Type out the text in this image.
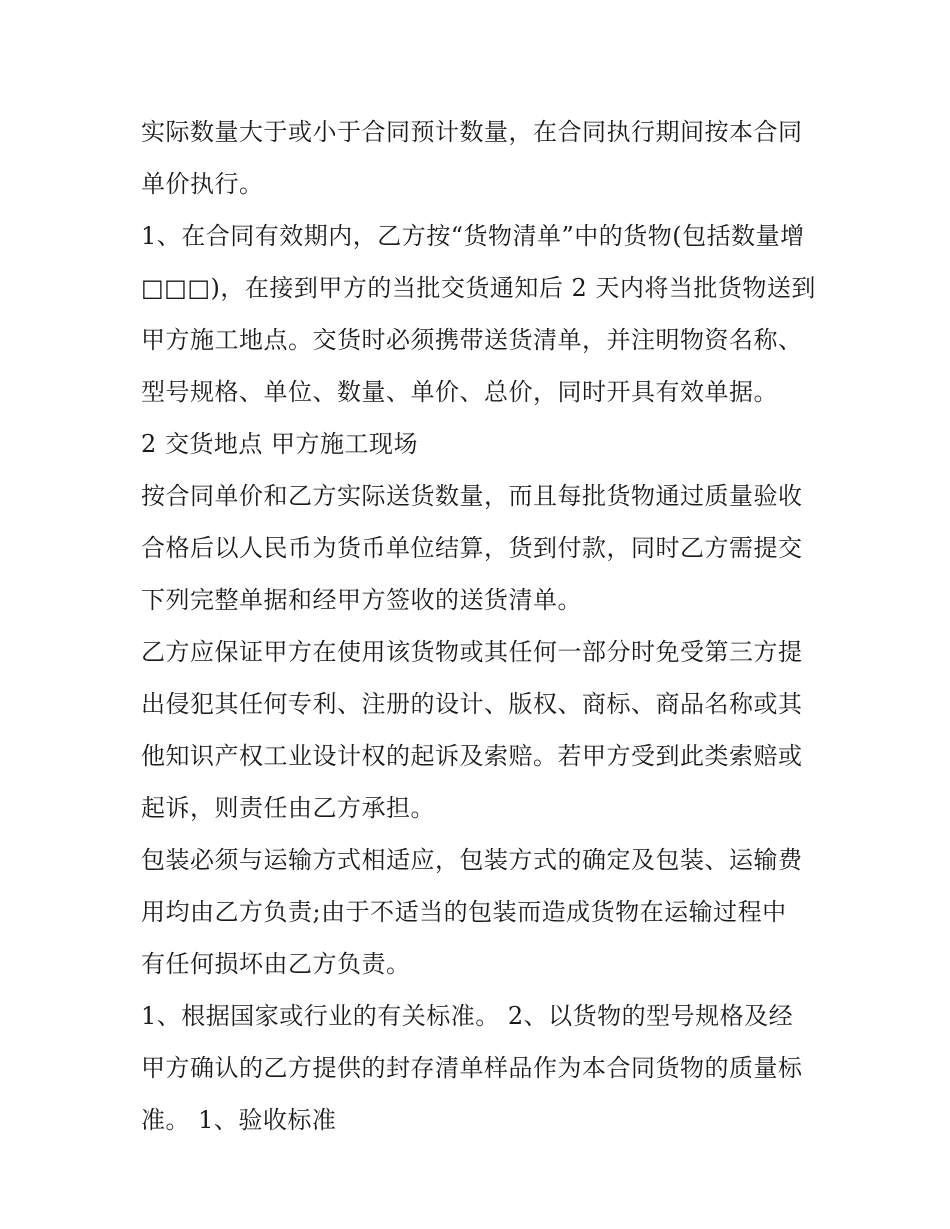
实际数量大于或小于合同预计数量，在合同执行期间按本合同
单价执行。
1、在合同有效期内，乙方按“货物清单”中的货物(包括数量增
□□□)，在接到甲方的当批交货通知后 2 天内将当批货物送到
甲方施工地点。交货时必须携带送货清单，并注明物资名称、
型号规格、单位、数量、单价、总价，同时开具有效单据。
2 交货地点 甲方施工现场
按合同单价和乙方实际送货数量，而且每批货物通过质量验收
合格后以人民币为货币单位结算，货到付款，同时乙方需提交
下列完整单据和经甲方签收的送货清单。
乙方应保证甲方在使用该货物或其任何一部分时免受第三方提
出侵犯其任何专利、注册的设计、版权、商标、商品名称或其
他知识产权工业设计权的起诉及索赔。若甲方受到此类索赔或
起诉，则责任由乙方承担。
包装必须与运输方式相适应，包装方式的确定及包装、运输费
用均由乙方负责;由于不适当的包装而造成货物在运输过程中
有任何损坏由乙方负责。
1、根据国家或行业的有关标准。 2、以货物的型号规格及经
甲方确认的乙方提供的封存清单样品作为本合同货物的质量标
准。 1、验收标准
